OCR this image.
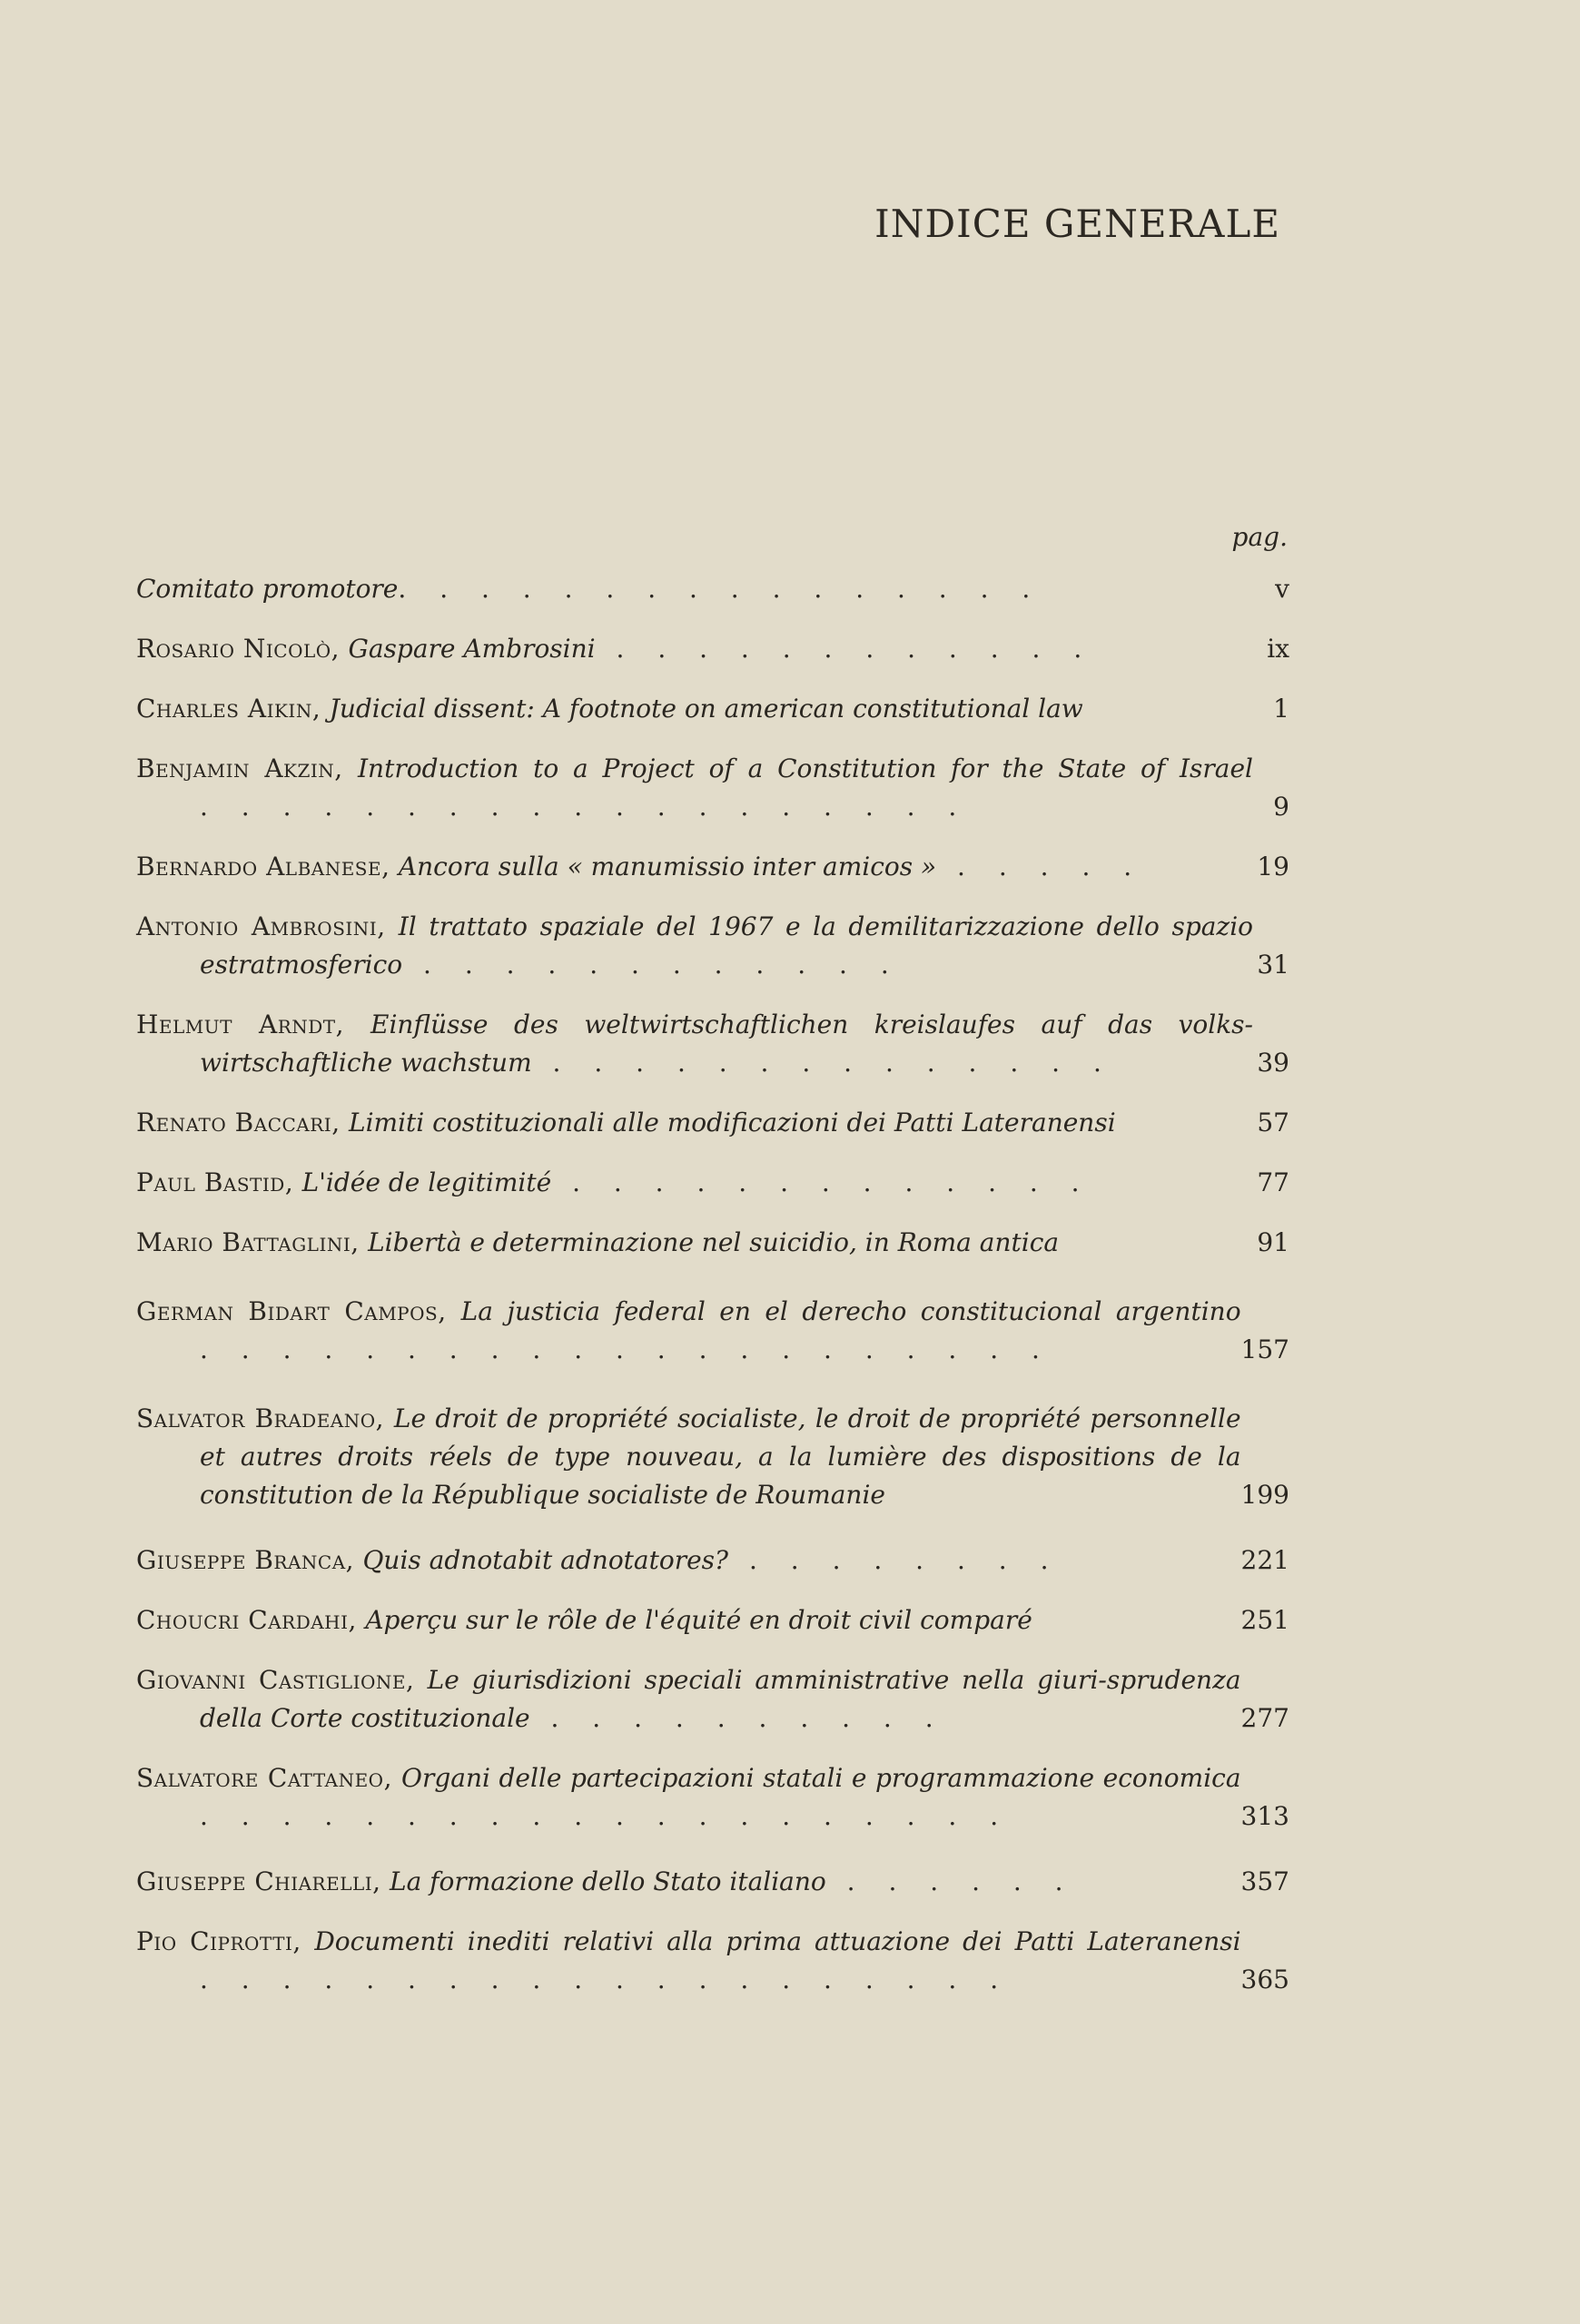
INDICE GENERALE
pag.
Comitato promotore. . . . . . . . . . . . . . . .	v
Rosario Nicolò, Gaspare Ambrosini . . . . . . . . . . . .	ix
Charles Aikin, Judicial dissent: A footnote on american constitutional law	1
Benjamin Akzin, Introduction to a Project of a Constitution for the State of Israel . . . . . . . . . . . . . . . . . . .	9
Bernardo Albanese, Ancora sulla « manumissio inter amicos » . . . . .	19
Antonio Ambrosini, Il trattato spaziale del 1967 e la demilitarizzazione dello spazio estratmosferico . . . . . . . . . . . .	31
Helmut Arndt, Einflüsse des weltwirtschaftlichen kreislaufes auf das volks-wirtschaftliche wachstum . . . . . . . . . . . . . .	39
Renato Baccari, Limiti costituzionali alle modificazioni dei Patti Lateranensi	57
Paul Bastid, L'idée de legitimité . . . . . . . . . . . . .	77
Mario Battaglini, Libertà e determinazione nel suicidio, in Roma antica	91
German Bidart Campos, La justicia federal en el derecho constitucional argentino . . . . . . . . . . . . . . . . . . . . .	157
Salvator Bradeano, Le droit de propriété socialiste, le droit de propriété personnelle et autres droits réels de type nouveau, a la lumière des dispositions de la constitution de la République socialiste de Roumanie	199
Giuseppe Branca, Quis adnotabit adnotatores? . . . . . . . .	221
Choucri Cardahi, Aperçu sur le rôle de l'équité en droit civil comparé	251
Giovanni Castiglione, Le giurisdizioni speciali amministrative nella giuri-sprudenza della Corte costituzionale . . . . . . . . . .	277
Salvatore Cattaneo, Organi delle partecipazioni statali e programmazione economica . . . . . . . . . . . . . . . . . . . .	313
Giuseppe Chiarelli, La formazione dello Stato italiano . . . . . .	357
Pio Ciprotti, Documenti inediti relativi alla prima attuazione dei Patti Lateranensi . . . . . . . . . . . . . . . . . . . .	365
